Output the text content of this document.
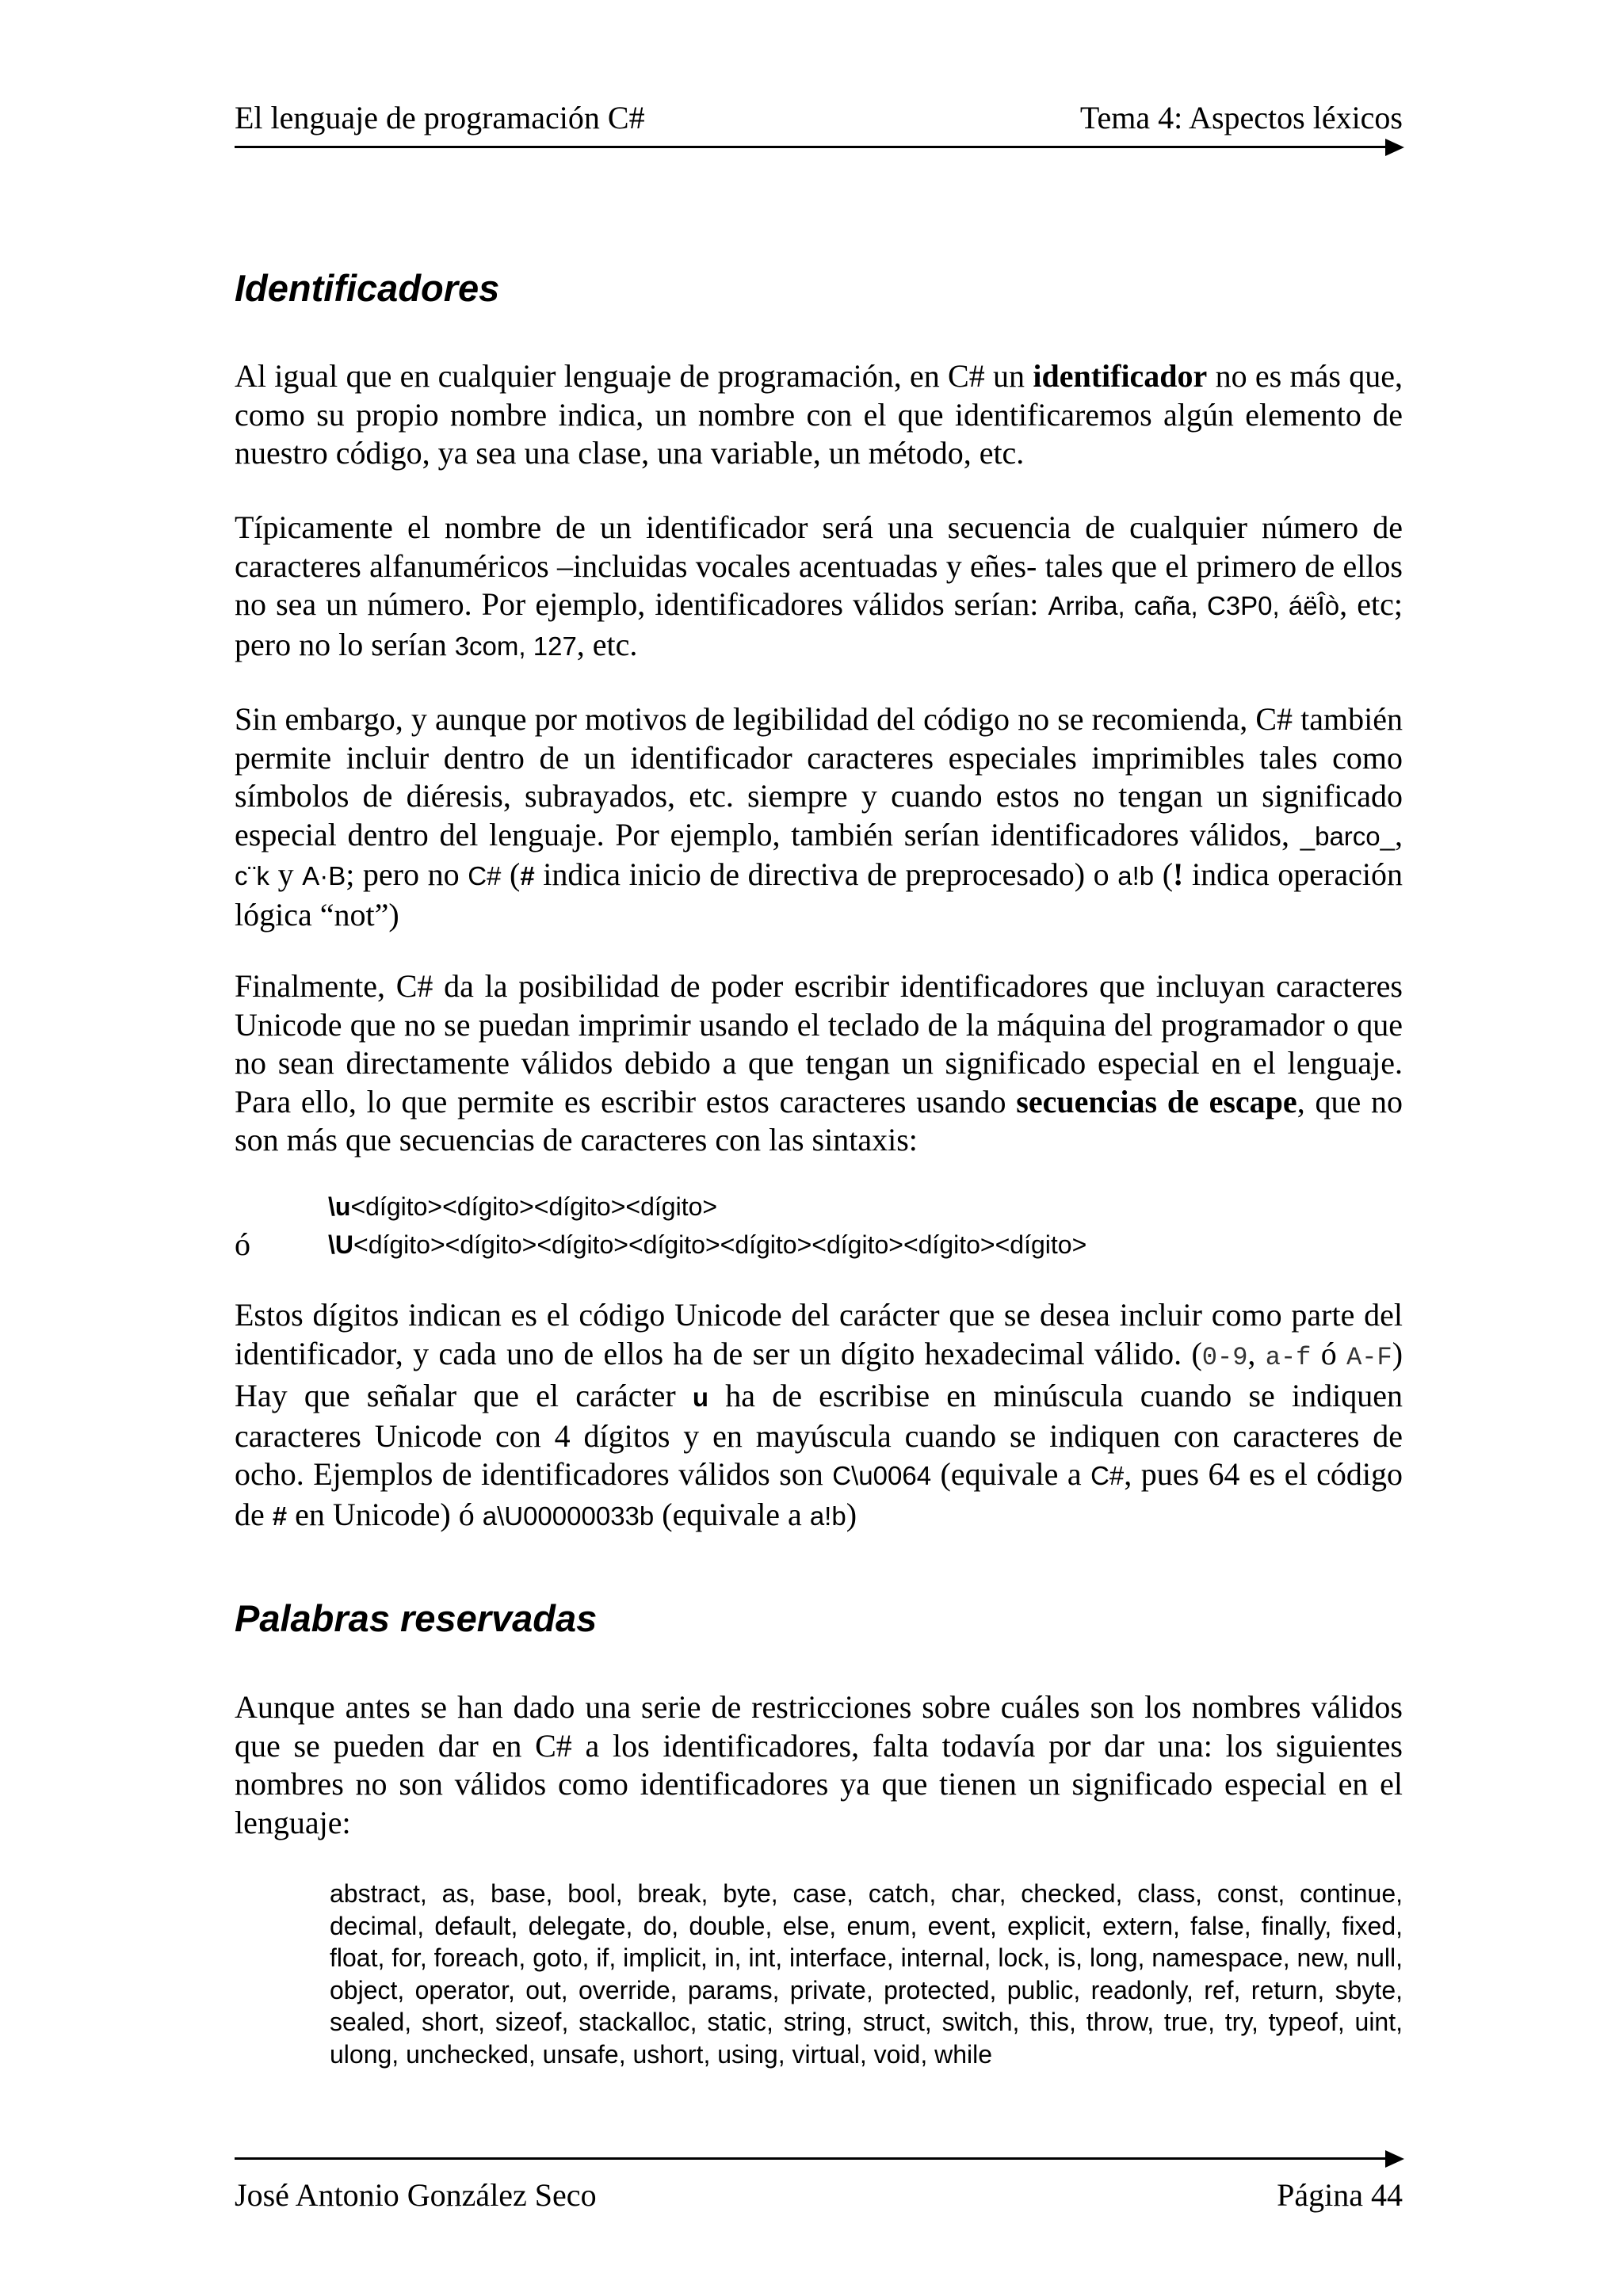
El lenguaje de programación C#	Tema 4: Aspectos léxicos
Identificadores

Al igual que en cualquier lenguaje de programación, en C# un identificador no es más que, como su propio nombre indica, un nombre con el que identificaremos algún elemento de nuestro código, ya sea una clase, una variable, un método, etc.

Típicamente el nombre de un identificador será una secuencia de cualquier número de caracteres alfanuméricos –incluidas vocales acentuadas y eñes- tales que el primero de ellos no sea un número. Por ejemplo, identificadores válidos serían: Arriba, caña, C3P0, áëÎò, etc; pero no lo serían 3com, 127, etc.

Sin embargo, y aunque por motivos de legibilidad del código no se recomienda, C# también permite incluir dentro de un identificador caracteres especiales imprimibles tales como símbolos de diéresis, subrayados, etc. siempre y cuando estos no tengan un significado especial dentro del lenguaje. Por ejemplo, también serían identificadores válidos, _barco_, c¨k y A·B; pero no C# (# indica inicio de directiva de preprocesado) o a!b (! indica operación lógica “not”)

Finalmente, C# da la posibilidad de poder escribir identificadores que incluyan caracteres Unicode que no se puedan imprimir usando el teclado de la máquina del programador o que no sean directamente válidos debido a que tengan un significado especial en el lenguaje. Para ello, lo que permite es escribir estos caracteres usando secuencias de escape, que no son más que secuencias de caracteres con las sintaxis:

\u<dígito><dígito><dígito><dígito>
ó	\U<dígito><dígito><dígito><dígito><dígito><dígito><dígito><dígito>

Estos dígitos indican es el código Unicode del carácter que se desea incluir como parte del identificador, y cada uno de ellos ha de ser un dígito hexadecimal válido. (0-9, a-f ó A-F) Hay que señalar que el carácter u ha de escribise en minúscula cuando se indiquen caracteres Unicode con 4 dígitos y en mayúscula cuando se indiquen con caracteres de ocho. Ejemplos de identificadores válidos son C\u0064 (equivale a C#, pues 64 es el código de # en Unicode) ó a\U00000033b (equivale a a!b)

Palabras reservadas

Aunque antes se han dado una serie de restricciones sobre cuáles son los nombres válidos que se pueden dar en C# a los identificadores, falta todavía por dar una: los siguientes nombres no son válidos como identificadores ya que tienen un significado especial en el lenguaje:

abstract, as, base, bool, break, byte, case, catch, char, checked, class, const, continue, decimal, default, delegate, do, double, else, enum, event, explicit, extern, false, finally, fixed, float, for, foreach, goto, if, implicit, in, int, interface, internal, lock, is, long, namespace, new, null, object, operator, out, override, params, private, protected, public, readonly, ref, return, sbyte, sealed, short, sizeof, stackalloc, static, string, struct, switch, this, throw, true, try, typeof, uint, ulong, unchecked, unsafe, ushort, using, virtual, void, while

José Antonio González Seco	Página 44
